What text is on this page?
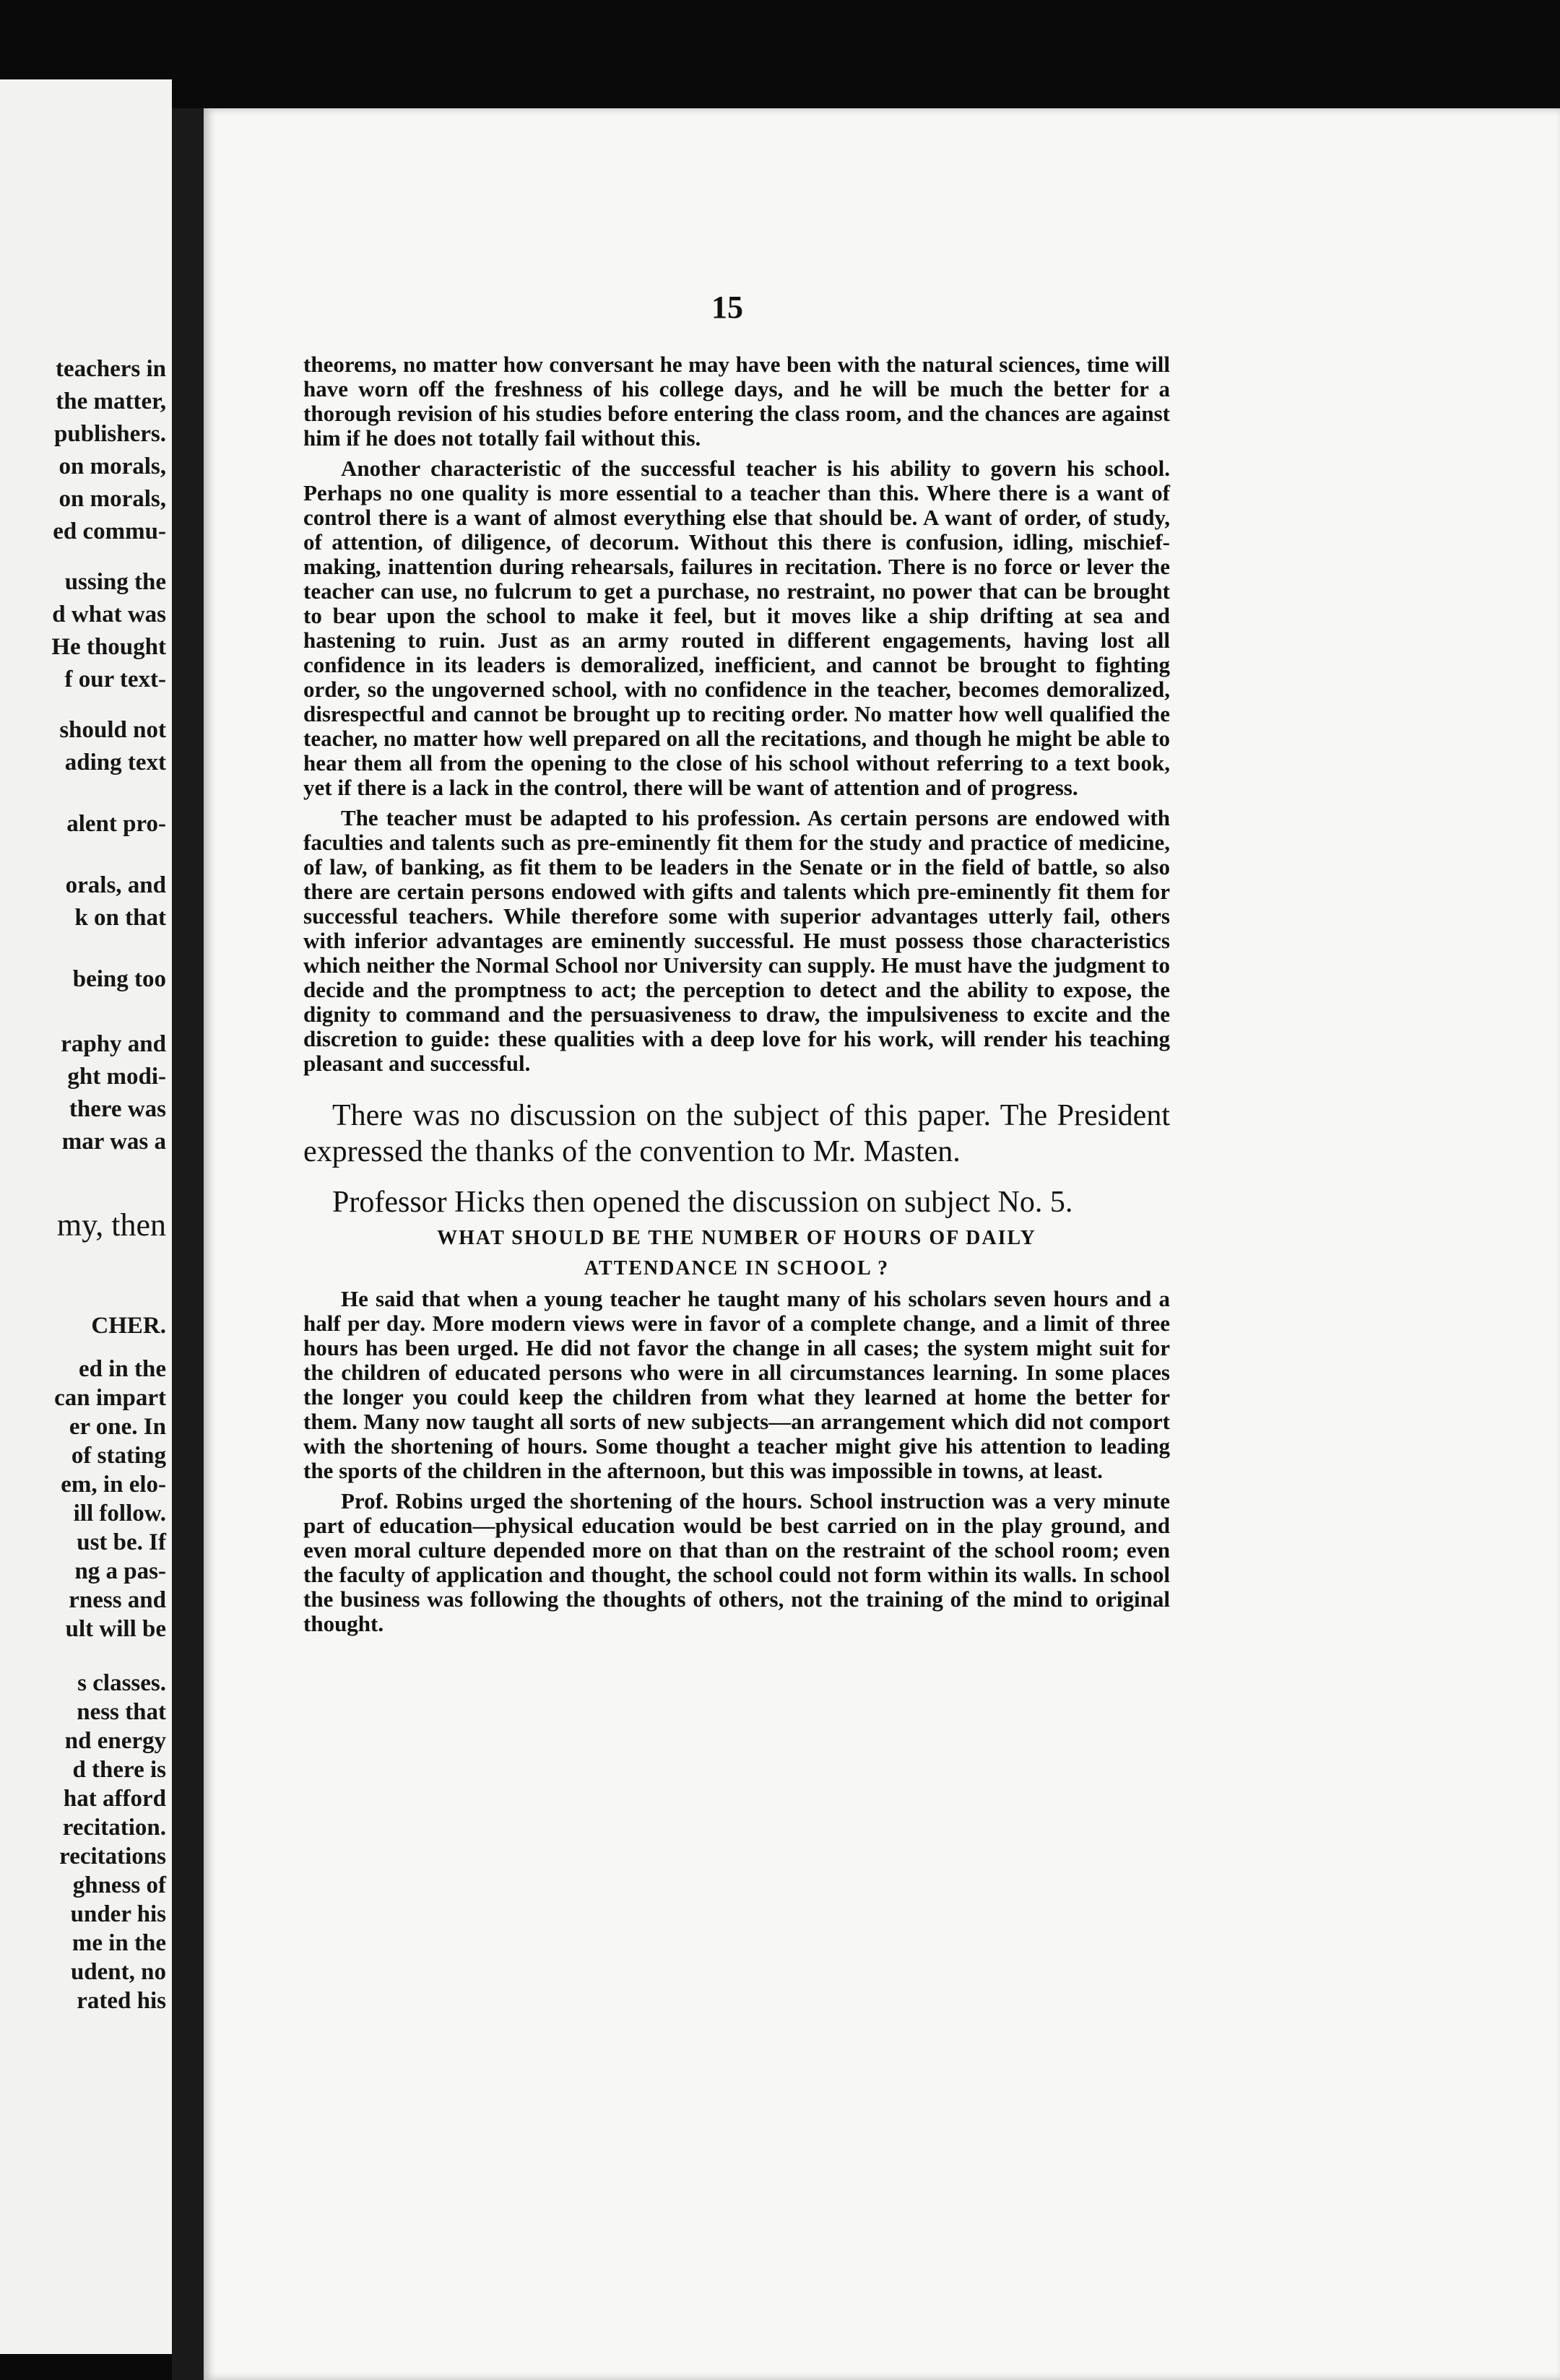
teachers in
the matter,
publishers.
on morals,
on morals,
ed commu-
ussing the
d what was
He thought
f our text-
should not
ading text
alent pro-
orals, and
k on that
being too
raphy and
ght modi-
there was
mar was a
my, then
CHER.
ed in the
can impart
er one. In
of stating
em, in elo-
ill follow.
ust be. If
ng a pas-
rness and
ult will be
s classes.
ness that
nd energy
d there is
hat afford
recitation.
recitations
ghness of
under his
me in the
udent, no
rated his
15

theorems, no matter how conversant he may have been with the natural sciences, time will have worn off the freshness of his college days, and he will be much the better for a thorough revision of his studies before entering the class room, and the chances are against him if he does not totally fail without this.

Another characteristic of the successful teacher is his ability to govern his school. Perhaps no one quality is more essential to a teacher than this. Where there is a want of control there is a want of almost everything else that should be. A want of order, of study, of attention, of diligence, of decorum. Without this there is confusion, idling, mischief-making, inattention during rehearsals, failures in recitation. There is no force or lever the teacher can use, no fulcrum to get a purchase, no restraint, no power that can be brought to bear upon the school to make it feel, but it moves like a ship drifting at sea and hastening to ruin. Just as an army routed in different engagements, having lost all confidence in its leaders is demoralized, inefficient, and cannot be brought to fighting order, so the ungoverned school, with no confidence in the teacher, becomes demoralized, disrespectful and cannot be brought up to reciting order. No matter how well qualified the teacher, no matter how well prepared on all the recitations, and though he might be able to hear them all from the opening to the close of his school without referring to a text book, yet if there is a lack in the control, there will be want of attention and of progress.

The teacher must be adapted to his profession. As certain persons are endowed with faculties and talents such as pre-eminently fit them for the study and practice of medicine, of law, of banking, as fit them to be leaders in the Senate or in the field of battle, so also there are certain persons endowed with gifts and talents which pre-eminently fit them for successful teachers. While therefore some with superior advantages utterly fail, others with inferior advantages are eminently successful. He must possess those characteristics which neither the Normal School nor University can supply. He must have the judgment to decide and the promptness to act; the perception to detect and the ability to expose, the dignity to command and the persuasiveness to draw, the impulsiveness to excite and the discretion to guide: these qualities with a deep love for his work, will render his teaching pleasant and successful.

There was no discussion on the subject of this paper. The President expressed the thanks of the convention to Mr. Masten.

Professor Hicks then opened the discussion on subject No. 5.

WHAT SHOULD BE THE NUMBER OF HOURS OF DAILY

ATTENDANCE IN SCHOOL ?

He said that when a young teacher he taught many of his scholars seven hours and a half per day. More modern views were in favor of a complete change, and a limit of three hours has been urged. He did not favor the change in all cases; the system might suit for the children of educated persons who were in all circumstances learning. In some places the longer you could keep the children from what they learned at home the better for them. Many now taught all sorts of new subjects—an arrangement which did not comport with the shortening of hours. Some thought a teacher might give his attention to leading the sports of the children in the afternoon, but this was impossible in towns, at least.

Prof. Robins urged the shortening of the hours. School instruction was a very minute part of education—physical education would be best carried on in the play ground, and even moral culture depended more on that than on the restraint of the school room; even the faculty of application and thought, the school could not form within its walls. In school the business was following the thoughts of others, not the training of the mind to original thought.
